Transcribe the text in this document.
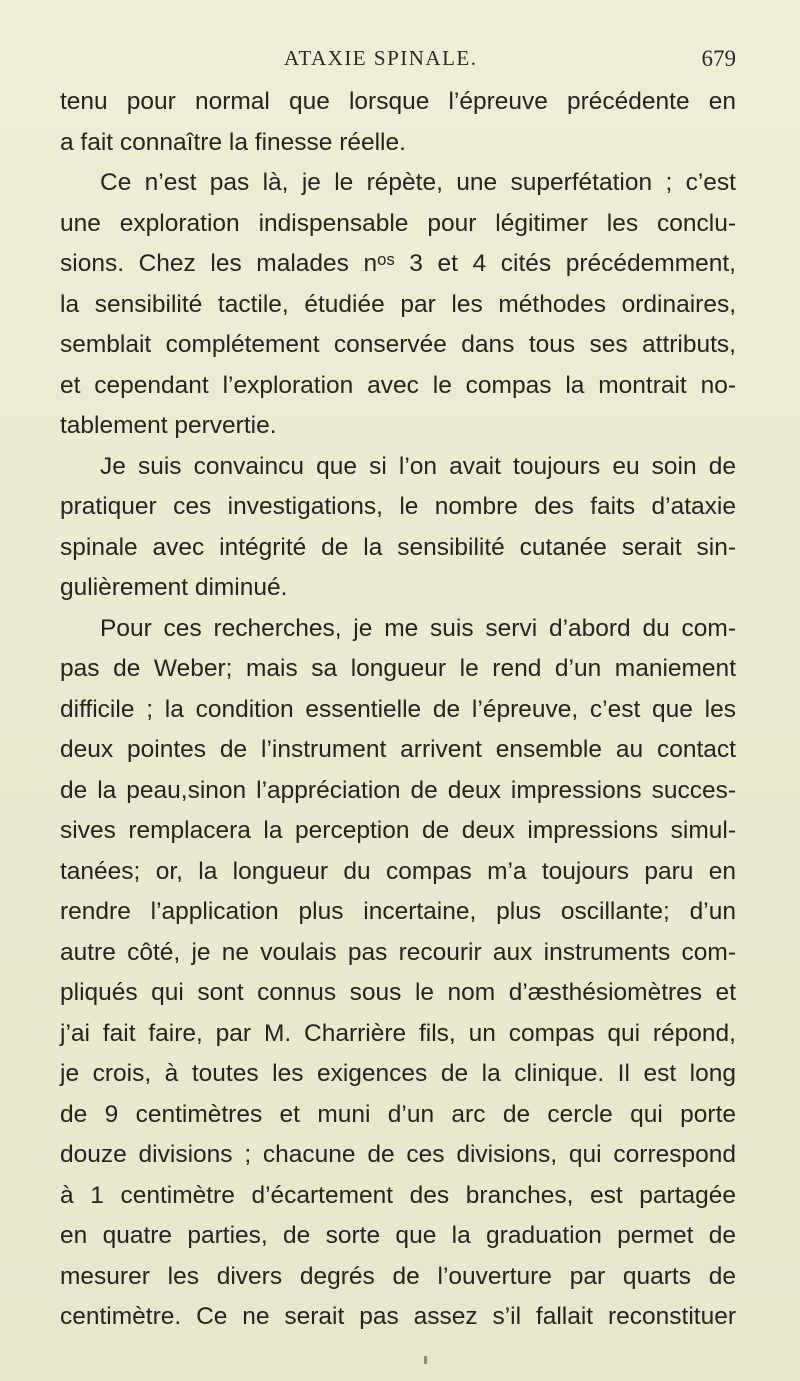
ATAXIE SPINALE.	679
tenu pour normal que lorsque l’épreuve précédente en
a fait connaître la finesse réelle.
Ce n’est pas là, je le répète, une superfétation ; c’est
une exploration indispensable pour légitimer les conclu-
sions. Chez les malades nᵒˢ 3 et 4 cités précédemment,
la sensibilité tactile, étudiée par les méthodes ordinaires,
semblait complétement conservée dans tous ses attributs,
et cependant l’exploration avec le compas la montrait no-
tablement pervertie.
Je suis convaincu que si l’on avait toujours eu soin de
pratiquer ces investigations, le nombre des faits d’ataxie
spinale avec intégrité de la sensibilité cutanée serait sin-
gulièrement diminué.
Pour ces recherches, je me suis servi d’abord du com-
pas de Weber; mais sa longueur le rend d’un maniement
difficile ; la condition essentielle de l’épreuve, c’est que les
deux pointes de l’instrument arrivent ensemble au contact
de la peau,sinon l’appréciation de deux impressions succes-
sives remplacera la perception de deux impressions simul-
tanées; or, la longueur du compas m’a toujours paru en
rendre l’application plus incertaine, plus oscillante; d’un
autre côté, je ne voulais pas recourir aux instruments com-
pliqués qui sont connus sous le nom d’æsthésiomètres et
j’ai fait faire, par M. Charrière fils, un compas qui répond,
je crois, à toutes les exigences de la clinique. Il est long
de 9 centimètres et muni d’un arc de cercle qui porte
douze divisions ; chacune de ces divisions, qui correspond
à 1 centimètre d’écartement des branches, est partagée
en quatre parties, de sorte que la graduation permet de
mesurer les divers degrés de l’ouverture par quarts de
centimètre. Ce ne serait pas assez s’il fallait reconstituer
